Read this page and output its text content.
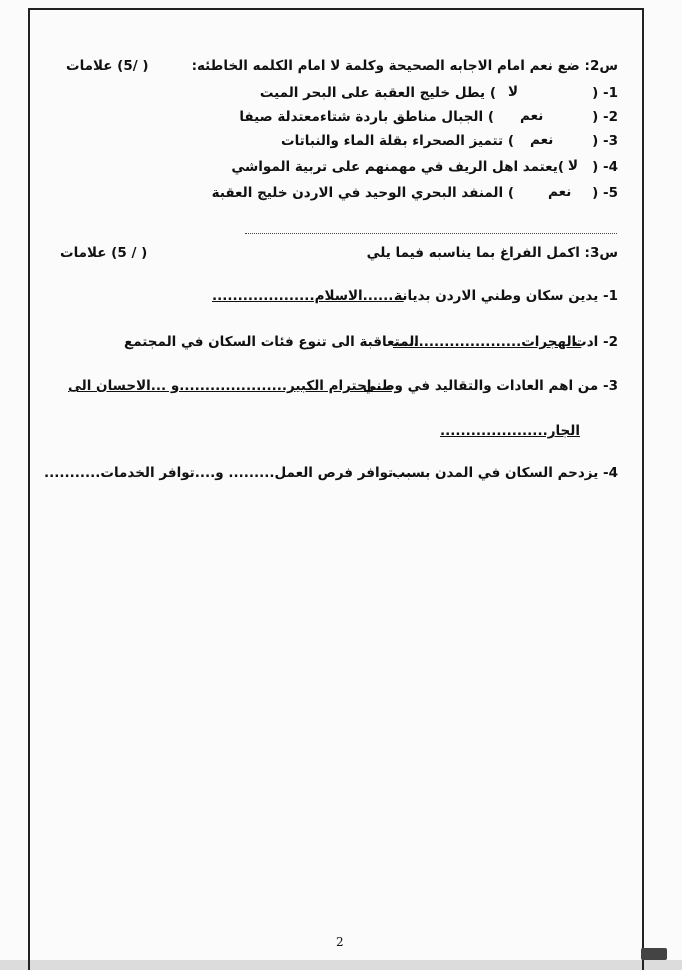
س2: ضع نعم امام الاجابه الصحيحة وكلمة لا امام الكلمه الخاطئه:
( /5) علامات
1- (
لا
) يطل خليج العقبة على البحر الميت
2- (
نعم
) الجبال مناطق باردة شتاءمعتدلة صيفا
3- (
نعم
) تتميز الصحراء بقلة الماء والنباتات
4- (
لا
)يعتمد اهل الريف في مهمنهم على تربية المواشي
5- (
نعم
) المنفد البحري الوحيد في الاردن خليج العقبة
س3: اكمل الفراغ بما يناسبه فيما يلي
( / 5) علامات
1- يدين سكان وطني الاردن بديانة
........الاسلام....................
2- ادت
.الهجرات.........................
المتعاقبة الى تنوع فئات السكان في المجتمع
3- من اهم العادات والتقاليد في وطني
....احترام الكبير.....................و ...الاحسان الى
الجار.....................
4- يزدحم السكان في المدن بسبب
....توافر فرص العمل......... و....توافر الخدمات...........
2
